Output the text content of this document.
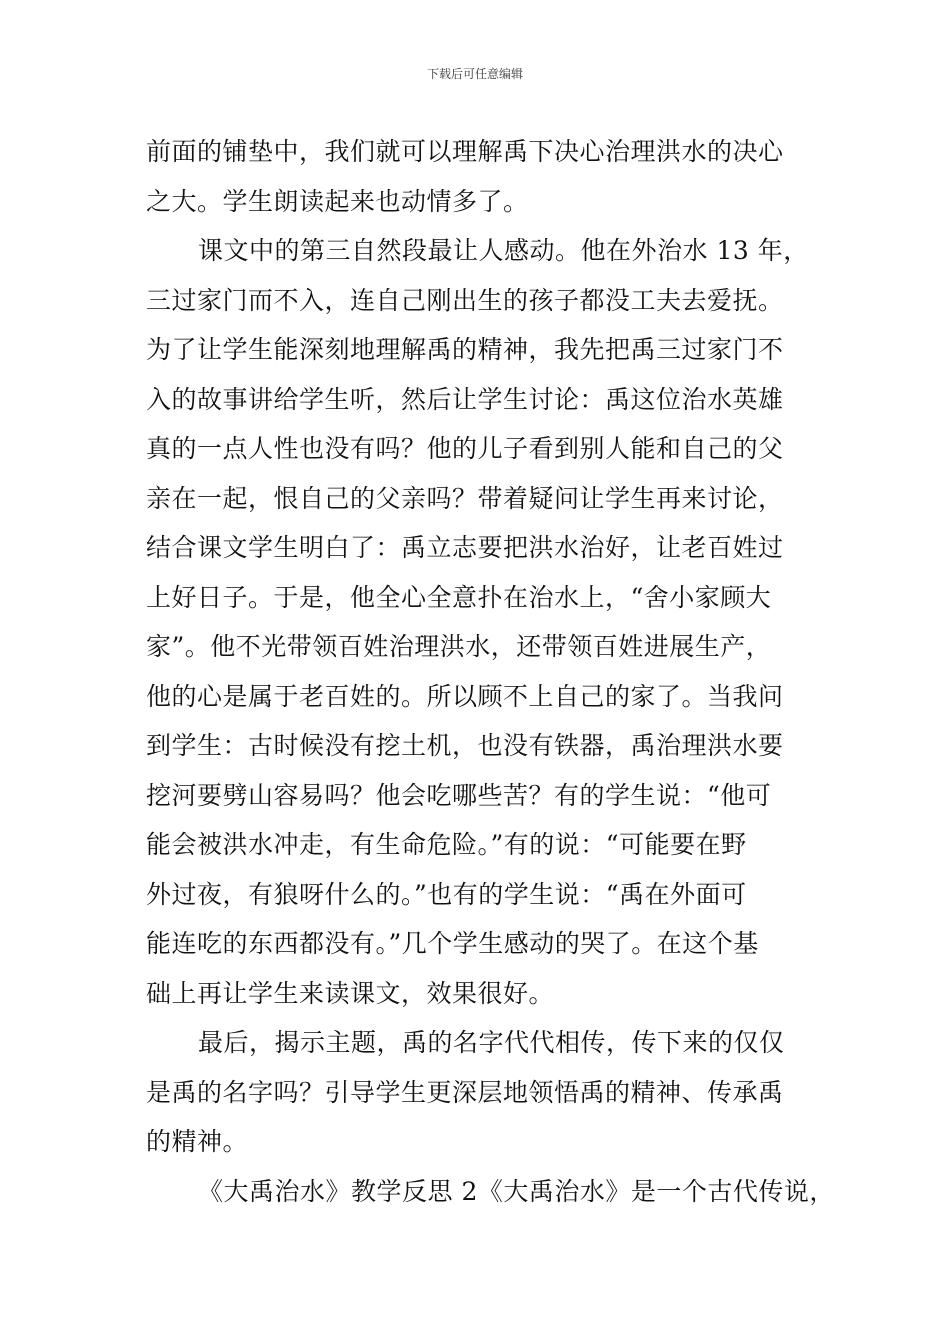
下载后可任意编辑
前面的铺垫中，我们就可以理解禹下决心治理洪水的决心
之大。学生朗读起来也动情多了。
课文中的第三自然段最让人感动。他在外治水 13 年，
三过家门而不入，连自己刚出生的孩子都没工夫去爱抚。
为了让学生能深刻地理解禹的精神，我先把禹三过家门不
入的故事讲给学生听，然后让学生讨论：禹这位治水英雄
真的一点人性也没有吗？他的儿子看到别人能和自己的父
亲在一起，恨自己的父亲吗？带着疑问让学生再来讨论，
结合课文学生明白了：禹立志要把洪水治好，让老百姓过
上好日子。于是，他全心全意扑在治水上，“舍小家顾大
家”。他不光带领百姓治理洪水，还带领百姓进展生产，
他的心是属于老百姓的。所以顾不上自己的家了。当我问
到学生：古时候没有挖土机，也没有铁器，禹治理洪水要
挖河要劈山容易吗？他会吃哪些苦？有的学生说：“他可
能会被洪水冲走，有生命危险。”有的说：“可能要在野
外过夜，有狼呀什么的。”也有的学生说：“禹在外面可
能连吃的东西都没有。”几个学生感动的哭了。在这个基
础上再让学生来读课文，效果很好。
最后，揭示主题，禹的名字代代相传，传下来的仅仅
是禹的名字吗？引导学生更深层地领悟禹的精神、传承禹
的精神。
《大禹治水》教学反思 2《大禹治水》是一个古代传说，
